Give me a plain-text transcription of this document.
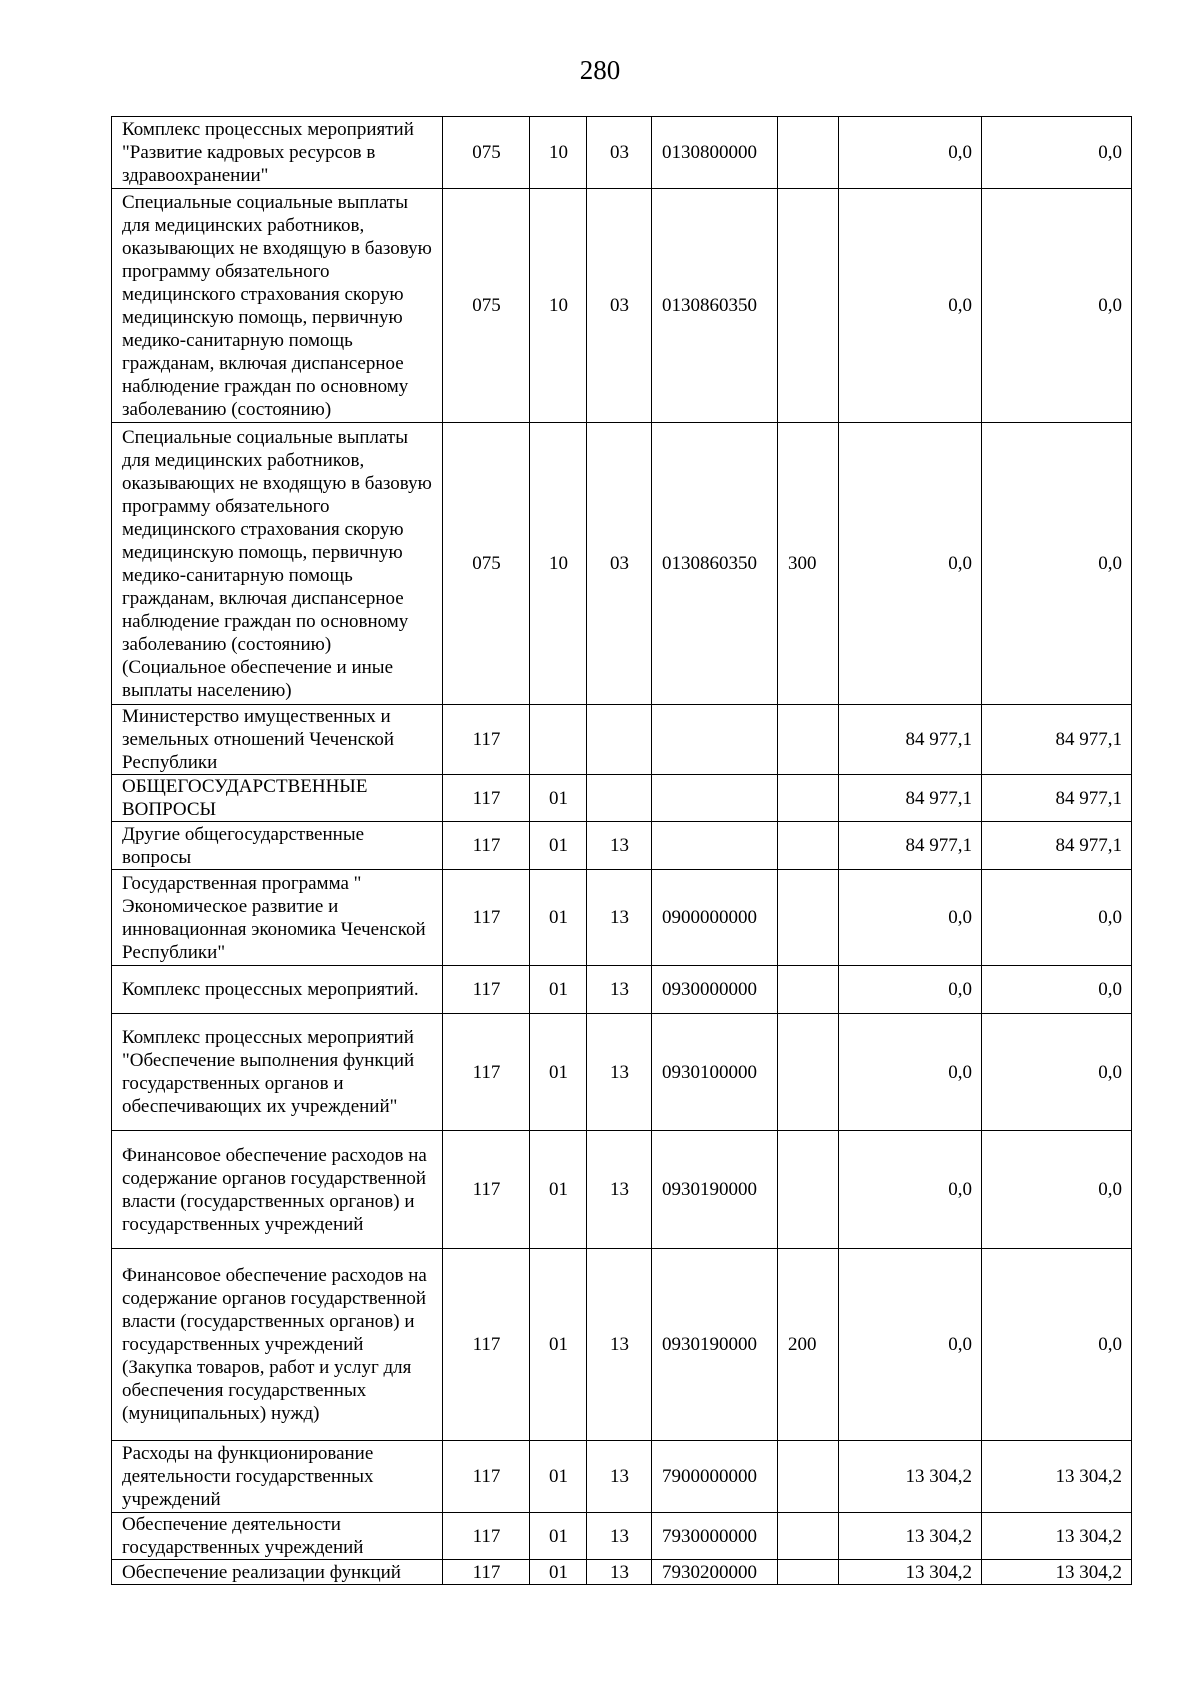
280
Комплекс процессных мероприятий "Развитие кадровых ресурсов в здравоохранении"	075	10	03	0130800000		0,0	0,0
Специальные социальные выплаты для медицинских работников, оказывающих не входящую в базовую программу обязательного медицинского страхования скорую медицинскую помощь, первичную медико-санитарную помощь гражданам, включая диспансерное наблюдение граждан по основному заболеванию (состоянию)	075	10	03	0130860350		0,0	0,0
Специальные социальные выплаты для медицинских работников, оказывающих не входящую в базовую программу обязательного медицинского страхования скорую медицинскую помощь, первичную медико-санитарную помощь гражданам, включая диспансерное наблюдение граждан по основному заболеванию (состоянию) (Социальное обеспечение и иные выплаты населению)	075	10	03	0130860350	300	0,0	0,0
Министерство имущественных и земельных отношений Чеченской Республики	117					84 977,1	84 977,1
ОБЩЕГОСУДАРСТВЕННЫЕ ВОПРОСЫ	117	01				84 977,1	84 977,1
Другие общегосударственные вопросы	117	01	13			84 977,1	84 977,1
Государственная программа " Экономическое развитие и инновационная экономика Чеченской Республики"	117	01	13	0900000000		0,0	0,0
Комплекс процессных мероприятий.	117	01	13	0930000000		0,0	0,0
Комплекс процессных мероприятий "Обеспечение выполнения функций государственных органов и обеспечивающих их учреждений"	117	01	13	0930100000		0,0	0,0
Финансовое обеспечение расходов на содержание органов государственной власти (государственных органов) и государственных учреждений	117	01	13	0930190000		0,0	0,0
Финансовое обеспечение расходов на содержание органов государственной власти (государственных органов) и государственных учреждений (Закупка товаров, работ и услуг для обеспечения государственных (муниципальных) нужд)	117	01	13	0930190000	200	0,0	0,0
Расходы на функционирование деятельности государственных учреждений	117	01	13	7900000000		13 304,2	13 304,2
Обеспечение деятельности государственных учреждений	117	01	13	7930000000		13 304,2	13 304,2
Обеспечение реализации функций	117	01	13	7930200000		13 304,2	13 304,2
